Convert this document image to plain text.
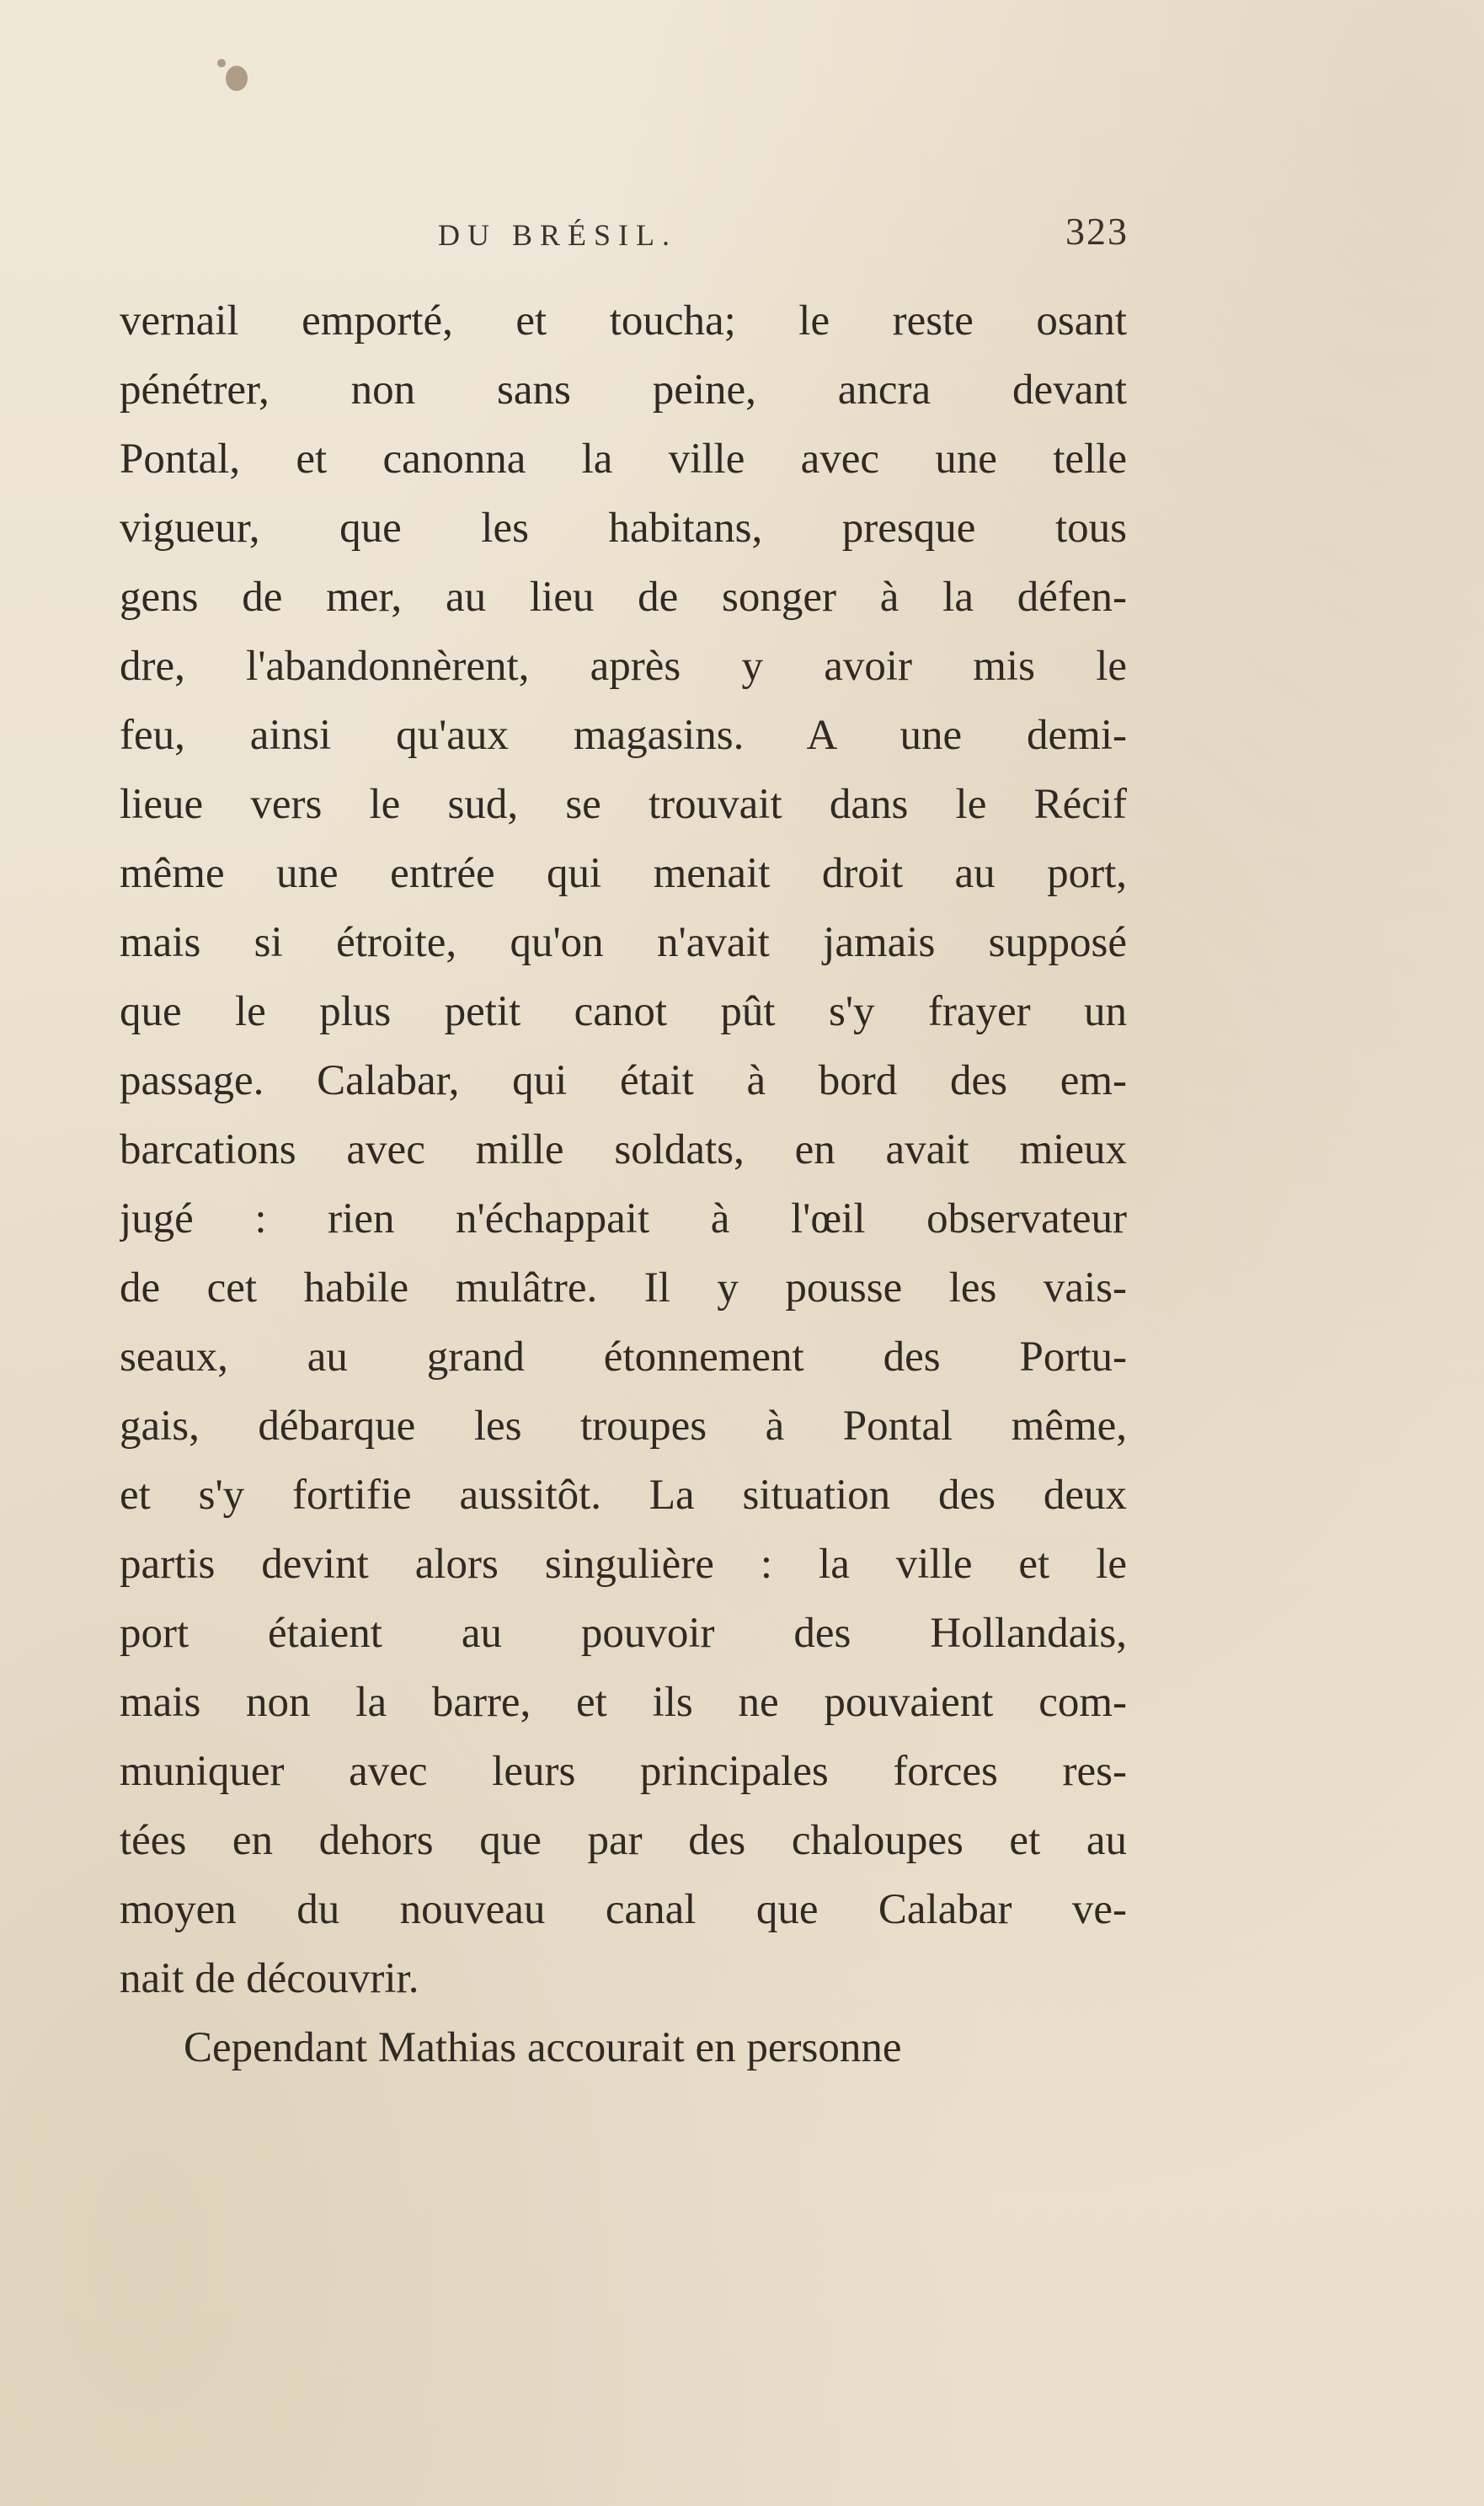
DU BRÉSIL.	323
vernail emporté, et toucha; le reste osant
pénétrer, non sans peine, ancra devant
Pontal, et canonna la ville avec une telle
vigueur, que les habitans, presque tous
gens de mer, au lieu de songer à la défen-
dre, l'abandonnèrent, après y avoir mis le
feu, ainsi qu'aux magasins. A une demi-
lieue vers le sud, se trouvait dans le Récif
même une entrée qui menait droit au port,
mais si étroite, qu'on n'avait jamais supposé
que le plus petit canot pût s'y frayer un
passage. Calabar, qui était à bord des em-
barcations avec mille soldats, en avait mieux
jugé : rien n'échappait à l'œil observateur
de cet habile mulâtre. Il y pousse les vais-
seaux, au grand étonnement des Portu-
gais, débarque les troupes à Pontal même,
et s'y fortifie aussitôt. La situation des deux
partis devint alors singulière : la ville et le
port étaient au pouvoir des Hollandais,
mais non la barre, et ils ne pouvaient com-
muniquer avec leurs principales forces res-
tées en dehors que par des chaloupes et au
moyen du nouveau canal que Calabar ve-
nait de découvrir.
Cependant Mathias accourait en personne
